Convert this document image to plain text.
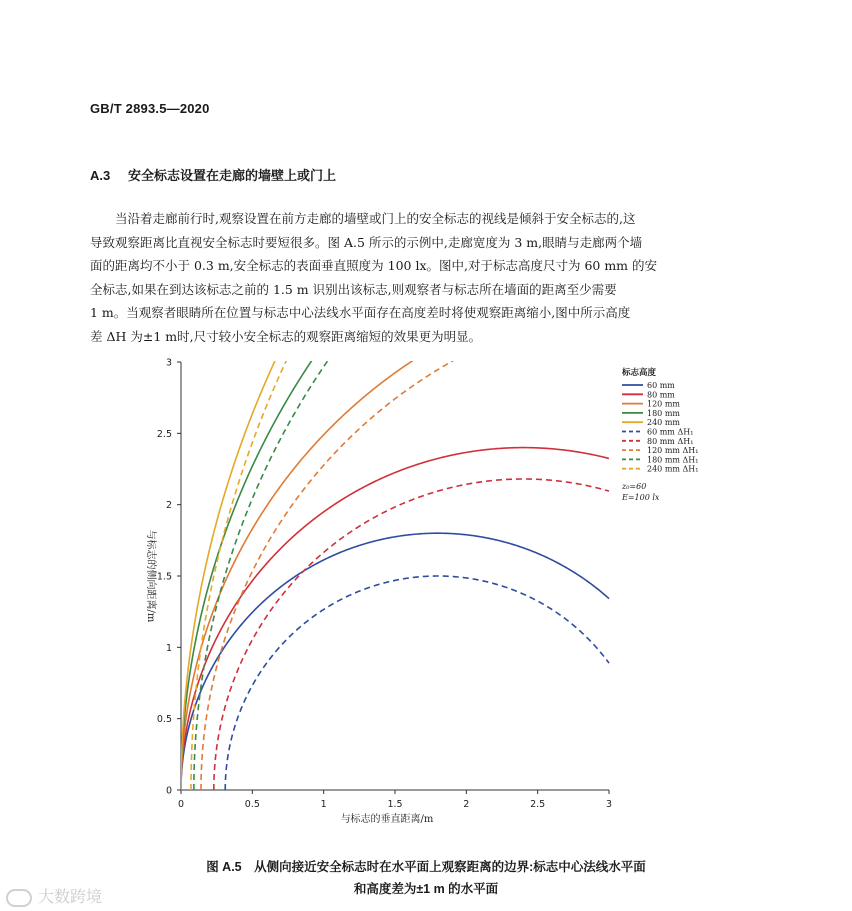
GB/T 2893.5—2020
A.3 安全标志设置在走廊的墙壁上或门上
当沿着走廊前行时,观察设置在前方走廊的墙壁或门上的安全标志的视线是倾斜于安全标志的,这
导致观察距离比直视安全标志时要短很多。图 A.5 所示的示例中,走廊宽度为 3 m,眼睛与走廊两个墙
面的距离均不小于 0.3 m,安全标志的表面垂直照度为 100 lx。图中,对于标志高度尺寸为 60 mm 的安
全标志,如果在到达该标志之前的 1.5 m 识别出该标志,则观察者与标志所在墙面的距离至少需要
1 m。当观察者眼睛所在位置与标志中心法线水平面存在高度差时将使观察距离缩小,图中所示高度
差 ΔH 为±1 m时,尺寸较小安全标志的观察距离缩短的效果更为明显。
0	0.5	1	1.5	2	2.5	3
0
0.5
1
1.5
2
2.5
3
与标志的垂直距离/m
与标志的侧向距离/m
标志高度
60 mm
80 mm
120 mm
180 mm
240 mm
60 mm ΔH₁
80 mm ΔH₁
120 mm ΔH₁
180 mm ΔH₁
240 mm ΔH₁
z₀=60
E=100 lx
图 A.5　从侧向接近安全标志时在水平面上观察距离的边界:标志中心法线水平面
和高度差为±1 m 的水平面
大数跨境
